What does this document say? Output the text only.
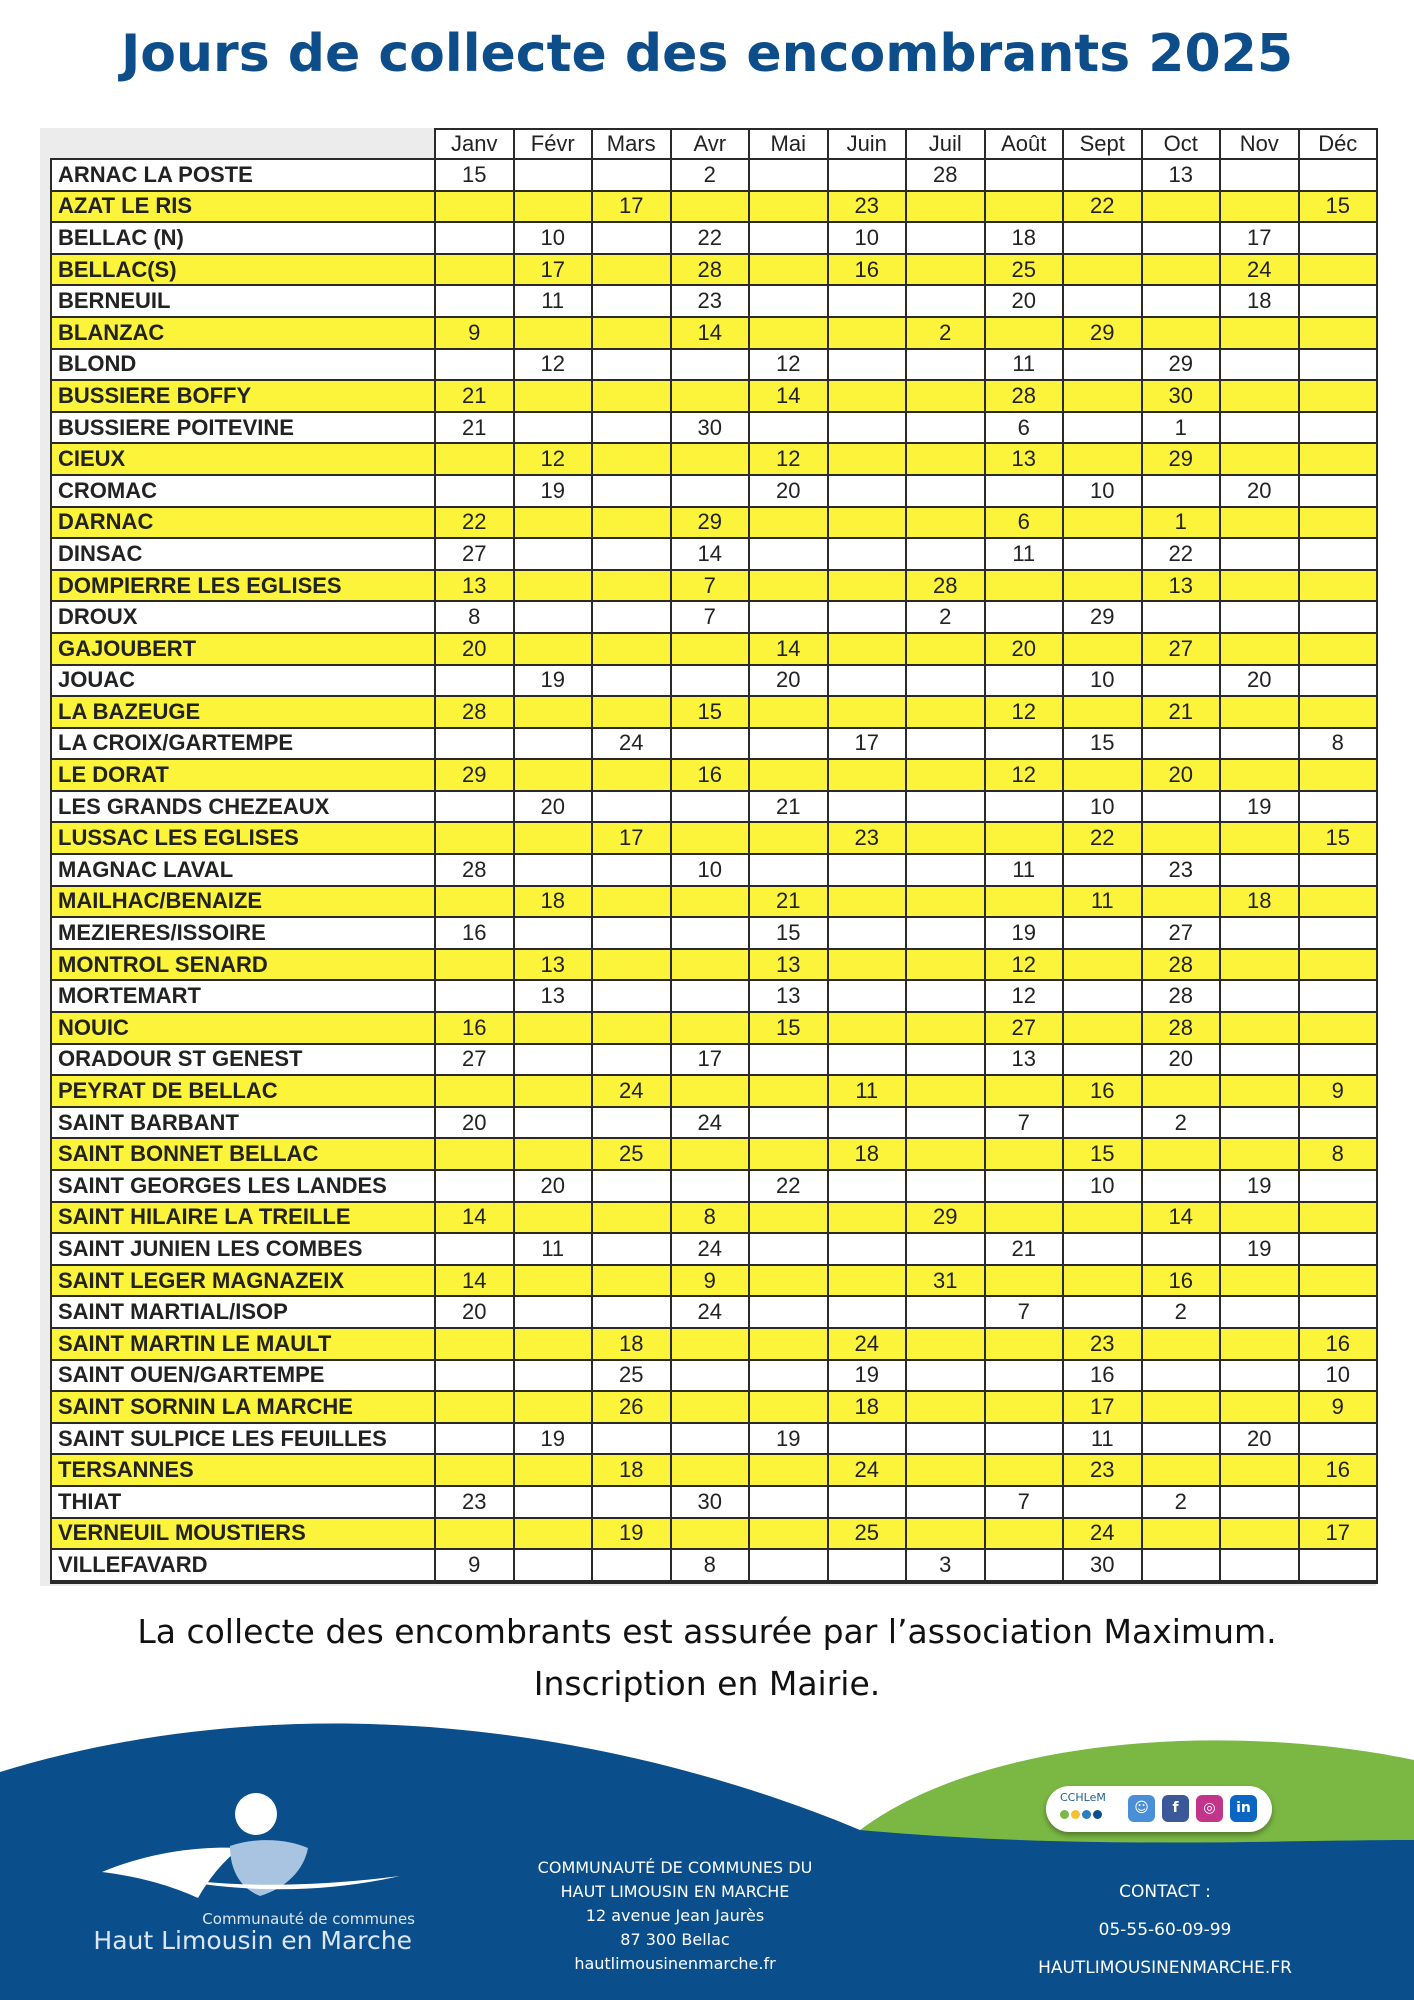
Jours de collecte des encombrants 2025
	Janv	Févr	Mars	Avr	Mai	Juin	Juil	Août	Sept	Oct	Nov	Déc
ARNAC LA POSTE	15			2			28			13		
AZAT LE RIS			17			23			22			15
BELLAC (N)		10		22		10		18			17	
BELLAC(S)		17		28		16		25			24	
BERNEUIL		11		23				20			18	
BLANZAC	9			14			2		29			
BLOND		12			12			11		29		
BUSSIERE BOFFY	21				14			28		30		
BUSSIERE POITEVINE	21			30				6		1		
CIEUX		12			12			13		29		
CROMAC		19			20				10		20	
DARNAC	22			29				6		1		
DINSAC	27			14				11		22		
DOMPIERRE LES EGLISES	13			7			28			13		
DROUX	8			7			2		29			
GAJOUBERT	20				14			20		27		
JOUAC		19			20				10		20	
LA BAZEUGE	28			15				12		21		
LA CROIX/GARTEMPE			24			17			15			8
LE DORAT	29			16				12		20		
LES GRANDS CHEZEAUX		20			21				10		19	
LUSSAC LES EGLISES			17			23			22			15
MAGNAC LAVAL	28			10				11		23		
MAILHAC/BENAIZE		18			21				11		18	
MEZIERES/ISSOIRE	16				15			19		27		
MONTROL SENARD		13			13			12		28		
MORTEMART		13			13			12		28		
NOUIC	16				15			27		28		
ORADOUR ST GENEST	27			17				13		20		
PEYRAT DE BELLAC			24			11			16			9
SAINT BARBANT	20			24				7		2		
SAINT BONNET BELLAC			25			18			15			8
SAINT GEORGES LES LANDES		20			22				10		19	
SAINT HILAIRE LA TREILLE	14			8			29			14		
SAINT JUNIEN LES COMBES		11		24				21			19	
SAINT LEGER MAGNAZEIX	14			9			31			16		
SAINT MARTIAL/ISOP	20			24				7		2		
SAINT MARTIN LE MAULT			18			24			23			16
SAINT OUEN/GARTEMPE			25			19			16			10
SAINT SORNIN LA MARCHE			26			18			17			9
SAINT SULPICE LES FEUILLES		19			19				11		20	
TERSANNES			18			24			23			16
THIAT	23			30				7		2		
VERNEUIL MOUSTIERS			19			25			24			17
VILLEFAVARD	9			8			3		30			

La collecte des encombrants est assurée par l’association Maximum.
Inscription en Mairie.
Communauté de communes
Haut Limousin en Marche
COMMUNAUTÉ DE COMMUNES DU
HAUT LIMOUSIN EN MARCHE
12 avenue Jean Jaurès
87 300 Bellac
hautlimousinenmarche.fr
CONTACT :
05-55-60-09-99
HAUTLIMOUSINENMARCHE.FR
CCHLeM
☺	f	◎	in
